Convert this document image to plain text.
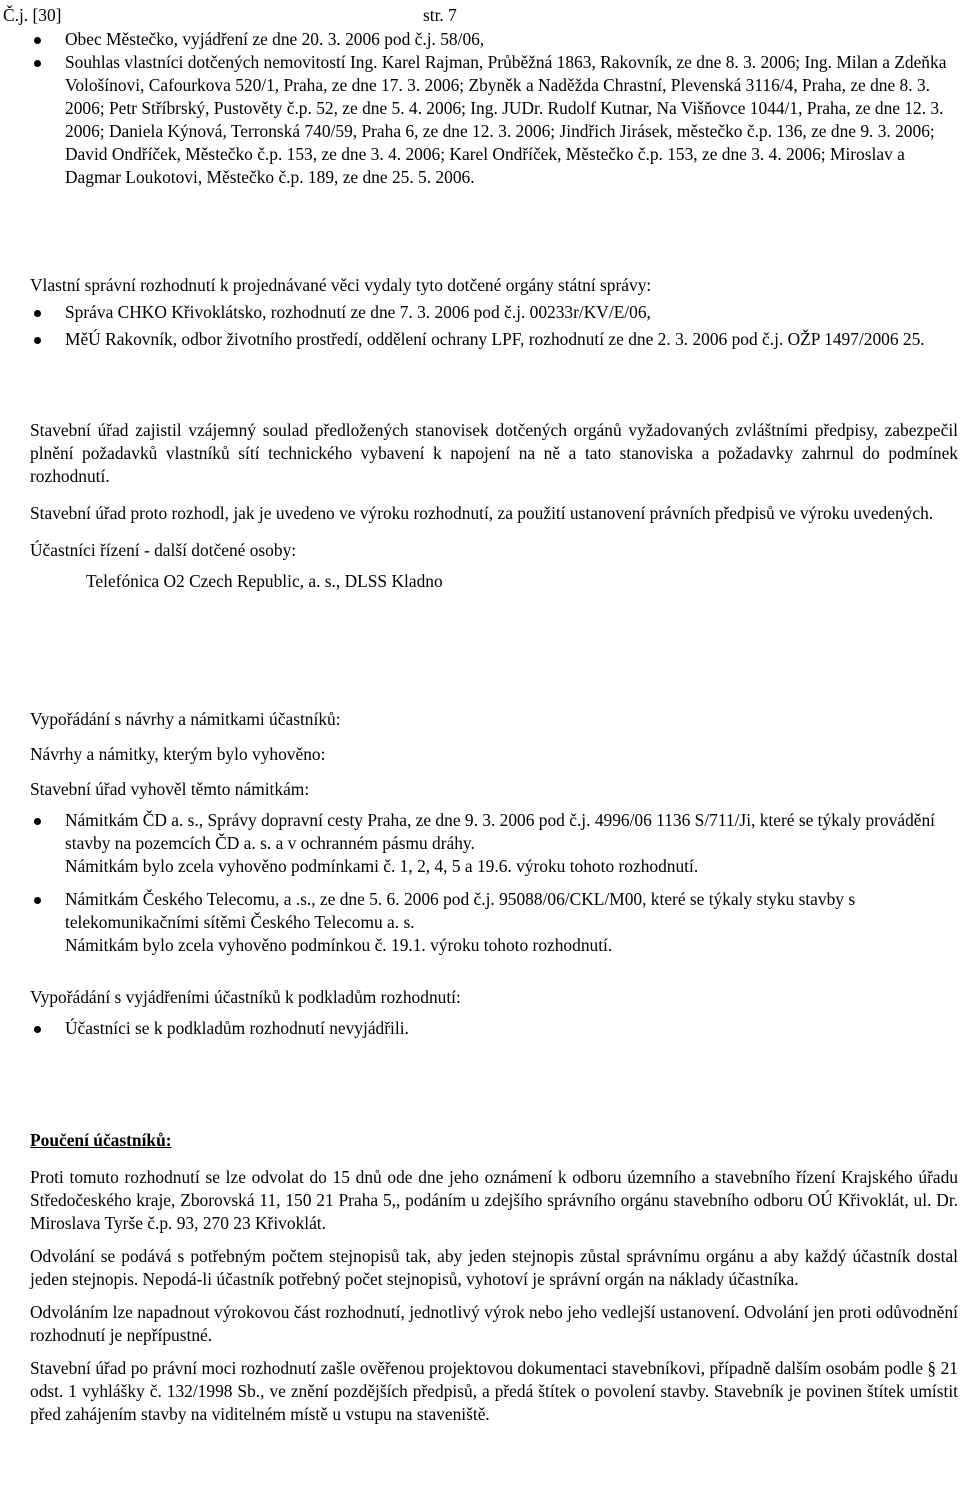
Č.j. [30]	str. 7
Obec Městečko, vyjádření ze dne 20. 3. 2006 pod č.j. 58/06,
Souhlas vlastníci dotčených nemovitostí Ing. Karel Rajman, Průběžná 1863, Rakovník, ze dne 8. 3. 2006; Ing. Milan a Zdeňka Vološínovi, Cafourkova 520/1, Praha, ze dne 17. 3. 2006; Zbyněk a Naděžda Chrastní, Plevenská 3116/4, Praha, ze dne 8. 3. 2006; Petr Stříbrský, Pustověty č.p. 52, ze dne 5. 4. 2006; Ing. JUDr. Rudolf Kutnar, Na Višňovce 1044/1, Praha, ze dne 12. 3. 2006; Daniela Kýnová, Terronská 740/59, Praha 6, ze dne 12. 3. 2006; Jindřich Jirásek, městečko č.p. 136, ze dne 9. 3. 2006; David Ondříček, Městečko č.p. 153, ze dne 3. 4. 2006; Karel Ondříček, Městečko č.p. 153, ze dne 3. 4. 2006; Miroslav a Dagmar Loukotovi, Městečko č.p. 189, ze dne 25. 5. 2006.

Vlastní správní rozhodnutí k projednávané věci vydaly tyto dotčené orgány státní správy:

Správa CHKO Křivoklátsko, rozhodnutí ze dne 7. 3. 2006 pod č.j. 00233r/KV/E/06,
MěÚ Rakovník, odbor životního prostředí, oddělení ochrany LPF, rozhodnutí ze dne 2. 3. 2006 pod č.j. OŽP 1497/2006 25.

Stavební úřad zajistil vzájemný soulad předložených stanovisek dotčených orgánů vyžadovaných zvláštními předpisy, zabezpečil plnění požadavků vlastníků sítí technického vybavení k napojení na ně a tato stanoviska a požadavky zahrnul do podmínek rozhodnutí.

Stavební úřad proto rozhodl, jak je uvedeno ve výroku rozhodnutí, za použití ustanovení právních předpisů ve výroku uvedených.

Účastníci řízení - další dotčené osoby:

Telefónica O2 Czech Republic, a. s., DLSS Kladno

Vypořádání s návrhy a námitkami účastníků:

Návrhy a námitky, kterým bylo vyhověno:

Stavební úřad vyhověl těmto námitkám:

Námitkám ČD a. s., Správy dopravní cesty Praha, ze dne 9. 3. 2006 pod č.j. 4996/06 1136 S/711/Ji, které se týkaly provádění stavby na pozemcích ČD a. s. a v ochranném pásmu dráhy.
Námitkám bylo zcela vyhověno podmínkami č. 1, 2, 4, 5 a 19.6. výroku tohoto rozhodnutí.
Námitkám Českého Telecomu, a .s., ze dne 5. 6. 2006 pod č.j. 95088/06/CKL/M00, které se týkaly styku stavby s telekomunikačními sítěmi Českého Telecomu a. s.
Námitkám bylo zcela vyhověno podmínkou č. 19.1. výroku tohoto rozhodnutí.

Vypořádání s vyjádřeními účastníků k podkladům rozhodnutí:

Účastníci se k podkladům rozhodnutí nevyjádřili.

Poučení účastníků:

Proti tomuto rozhodnutí se lze odvolat do 15 dnů ode dne jeho oznámení k odboru územního a stavebního řízení Krajského úřadu Středočeského kraje, Zborovská 11, 150 21 Praha 5,, podáním u zdejšího správního orgánu stavebního odboru OÚ Křivoklát, ul. Dr. Miroslava Tyrše č.p. 93, 270 23 Křivoklát.

Odvolání se podává s potřebným počtem stejnopisů tak, aby jeden stejnopis zůstal správnímu orgánu a aby každý účastník dostal jeden stejnopis. Nepodá-li účastník potřebný počet stejnopisů, vyhotoví je správní orgán na náklady účastníka.

Odvoláním lze napadnout výrokovou část rozhodnutí, jednotlivý výrok nebo jeho vedlejší ustanovení. Odvolání jen proti odůvodnění rozhodnutí je nepřípustné.

Stavební úřad po právní moci rozhodnutí zašle ověřenou projektovou dokumentaci stavebníkovi, případně dalším osobám podle § 21 odst. 1 vyhlášky č. 132/1998 Sb., ve znění pozdějších předpisů, a předá štítek o povolení stavby. Stavebník je povinen štítek umístit před zahájením stavby na viditelném místě u vstupu na staveniště.
